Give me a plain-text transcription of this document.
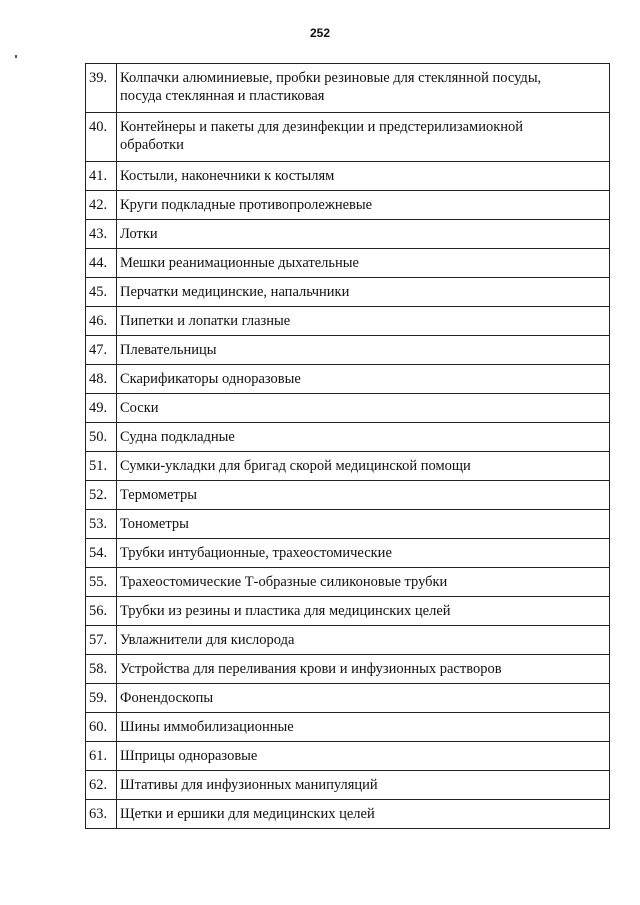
252
39. Колпачки алюминиевые, пробки резиновые для стеклянной посуды,
посуда стеклянная и пластиковая
40. Контейнеры и пакеты для дезинфекции и предстерилизамиокной
обработки
41. Костыли, наконечники к костылям
42. Круги подкладные противопролежневые
43. Лотки
44. Мешки реанимационные дыхательные
45. Перчатки медицинские, напальчники
46. Пипетки и лопатки глазные
47. Плевательницы
48. Скарификаторы одноразовые
49. Соски
50. Судна подкладные
51. Сумки-укладки для бригад скорой медицинской помощи
52. Термометры
53. Тонометры
54. Трубки интубационные, трахеостомические
55. Трахеостомические Т-образные силиконовые трубки
56. Трубки из резины и пластика для медицинских целей
57. Увлажнители для кислорода
58. Устройства для переливания крови и инфузионных растворов
59. Фонендоскопы
60. Шины иммобилизационные
61. Шприцы одноразовые
62. Штативы для инфузионных манипуляций
63. Щетки и ершики для медицинских целей
